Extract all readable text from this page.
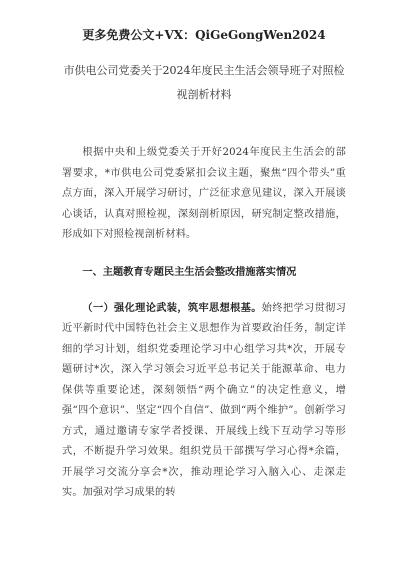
更多免费公文+VX：QiGeGongWen2024
市供电公司党委关于2024年度民主生活会领导班子对照检
视剖析材料

根据中央和上级党委关于开好2024年度民主生活会的部署要求，*市供电公司党委紧扣会议主题，聚焦“四个带头”重点方面，深入开展学习研讨，广泛征求意见建议，深入开展谈心谈话，认真对照检视，深刻剖析原因，研究制定整改措施，形成如下对照检视剖析材料。

一、主题教育专题民主生活会整改措施落实情况

（一）强化理论武装，筑牢思想根基。始终把学习贯彻习近平新时代中国特色社会主义思想作为首要政治任务，制定详细的学习计划，组织党委理论学习中心组学习共*次，开展专题研讨*次，深入学习领会习近平总书记关于能源革命、电力保供等重要论述，深刻领悟“两个确立”的决定性意义，增强“四个意识”、坚定“四个自信”、做到“两个维护”。创新学习方式，通过邀请专家学者授课、开展线上线下互动学习等形式，不断提升学习效果。组织党员干部撰写学习心得*余篇，开展学习交流分享会*次，推动理论学习入脑入心、走深走实。加强对学习成果的转
